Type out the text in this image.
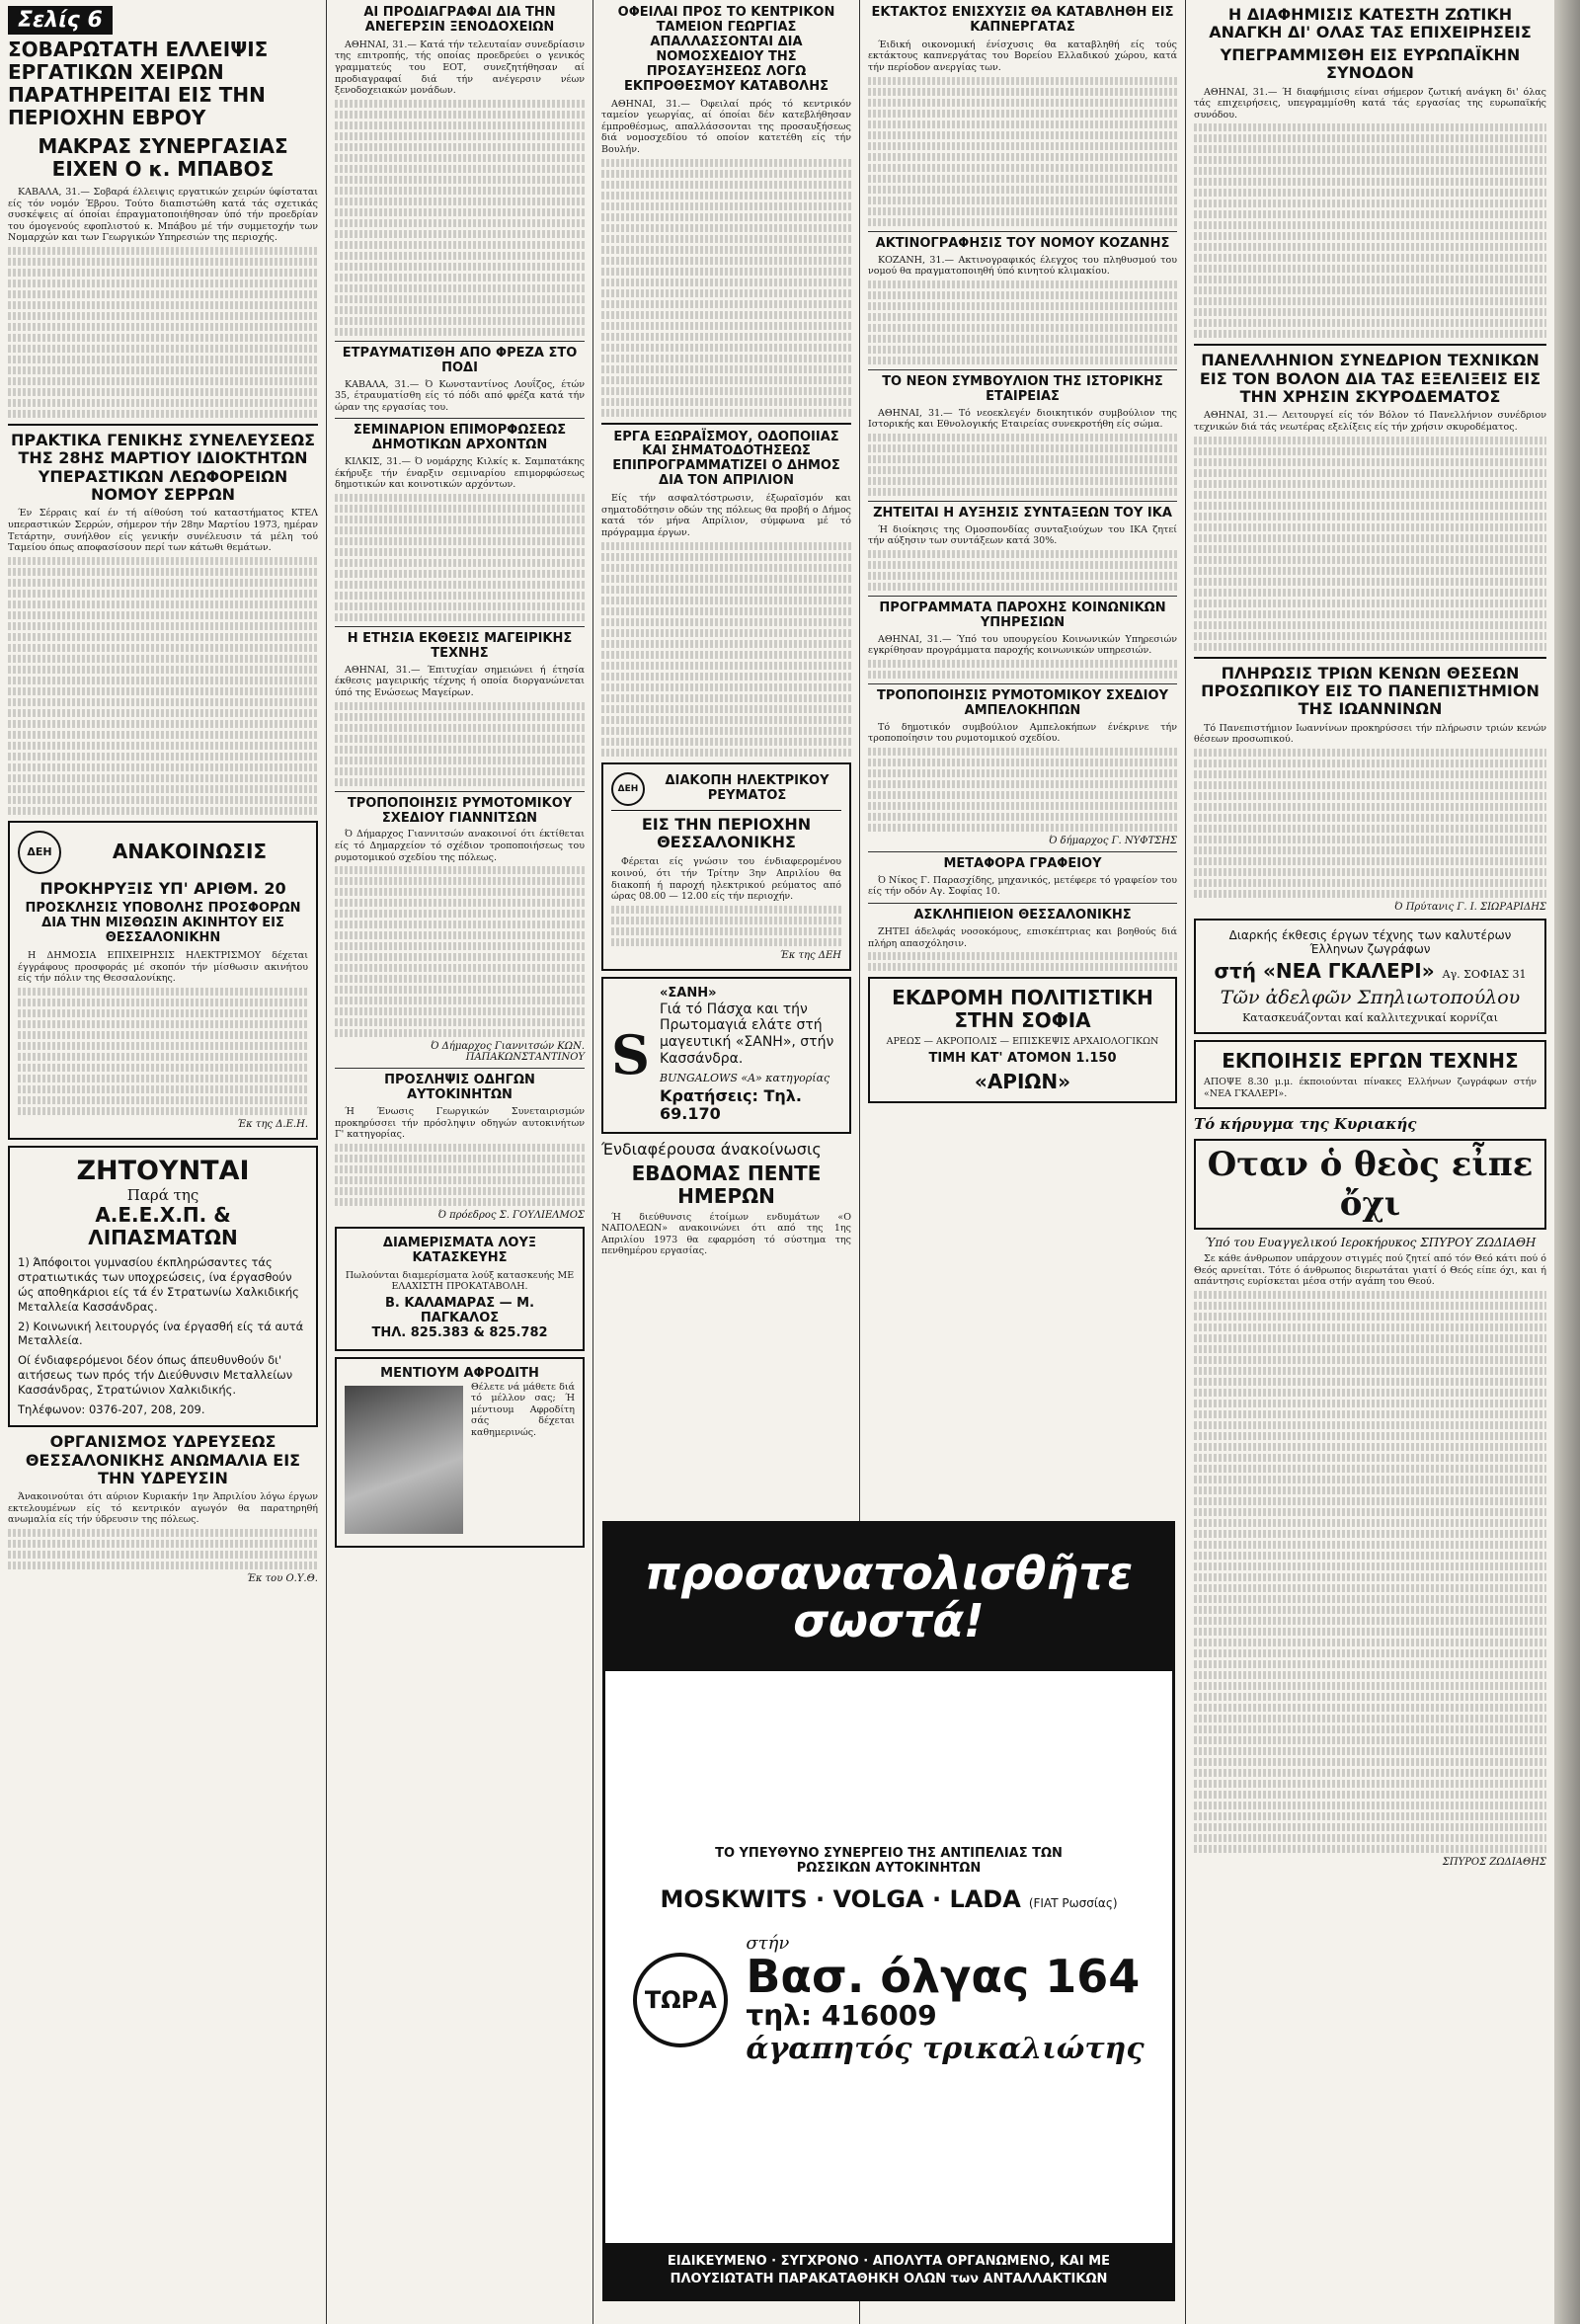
Σελίς 6
ΣΟΒΑΡΩΤΑΤΗ ΕΛΛΕΙΨΙΣ ΕΡΓΑΤΙΚΩΝ ΧΕΙΡΩΝ ΠΑΡΑΤΗΡΕΙΤΑΙ ΕΙΣ ΤΗΝ ΠΕΡΙΟΧΗΝ ΕΒΡΟΥ
ΜΑΚΡΑΣ ΣΥΝΕΡΓΑΣΙΑΣ ΕΙΧΕΝ Ο κ. ΜΠΑΒΟΣ

ΚΑΒΑΛΑ, 31.— Σοβαρά έλλειψις εργατικών χειρών ύφίσταται είς τόν νομόν Έβρου. Τούτο διαπιστώθη κατά τάς σχετικάς συσκέψεις αί όποίαι έπραγματοποιήθησαν ύπό τήν προεδρίαν του όμογενούς εφοπλιστού κ. Μπάβου μέ τήν συμμετοχήν των Νομαρχών και των Γεωργικών Υπηρεσιών της περιοχής.

ΠΡΑΚΤΙΚΑ ΓΕΝΙΚΗΣ ΣΥΝΕΛΕΥΣΕΩΣ ΤΗΣ 28ΗΣ ΜΑΡΤΙΟΥ ΙΔΙΟΚΤΗΤΩΝ ΥΠΕΡΑΣΤΙΚΩΝ ΛΕΩΦΟΡΕΙΩΝ ΝΟΜΟΥ ΣΕΡΡΩΝ

Έν Σέρραις καί έν τή αίθούση τού καταστήματος ΚΤΕΛ υπεραστικών Σερρών, σήμερον τήν 28ην Μαρτίου 1973, ημέραν Τετάρτην, συνήλθον είς γενικήν συνέλευσιν τά μέλη τού Ταμείου όπως αποφασίσουν περί των κάτωθι θεμάτων.

ΔΕΗ	ΑΝΑΚΟΙΝΩΣΙΣ
ΠΡΟΚΗΡΥΞΙΣ ΥΠ' ΑΡΙΘΜ. 20
ΠΡΟΣΚΛΗΣΙΣ ΥΠΟΒΟΛΗΣ ΠΡΟΣΦΟΡΩΝ ΔΙΑ ΤΗΝ ΜΙΣΘΩΣΙΝ ΑΚΙΝΗΤΟΥ ΕΙΣ ΘΕΣΣΑΛΟΝΙΚΗΝ

Η ΔΗΜΟΣΙΑ ΕΠΙΧΕΙΡΗΣΙΣ ΗΛΕΚΤΡΙΣΜΟΥ δέχεται έγγράφους προσφοράς μέ σκοπόν τήν μίσθωσιν ακινήτου είς τήν πόλιν της Θεσσαλονίκης.

Έκ της Δ.Ε.Η.
ΖΗΤΟΥΝΤΑΙ
Παρά της
Α.Ε.Ε.Χ.Π. & ΛΙΠΑΣΜΑΤΩΝ

1) Άπόφοιτοι γυμνασίου έκπληρώσαντες τάς στρατιωτικάς των υποχρεώσεις, ίνα έργασθούν ώς αποθηκάριοι είς τά έν Στρατωνίω Χαλκιδικής Μεταλλεία Κασσάνδρας.

2) Κοινωνική λειτουργός ίνα έργασθή είς τά αυτά Μεταλλεία.

Οί ένδιαφερόμενοι δέον όπως άπευθυνθούν δι' αιτήσεως των πρός τήν Διεύθυνσιν Μεταλλείων Κασσάνδρας, Στρατώνιον Χαλκιδικής.

Τηλέφωνον: 0376-207, 208, 209.

ΟΡΓΑΝΙΣΜΟΣ ΥΔΡΕΥΣΕΩΣ ΘΕΣΣΑΛΟΝΙΚΗΣ ΑΝΩΜΑΛΙΑ ΕΙΣ ΤΗΝ ΥΔΡΕΥΣΙΝ

Άνακοινούται ότι αύριον Κυριακήν 1ην Άπριλίου λόγω έργων εκτελουμένων είς τό κεντρικόν αγωγόν θα παρατηρηθή ανωμαλία είς τήν ύδρευσιν της πόλεως.

Έκ του Ο.Υ.Θ.
ΑΙ ΠΡΟΔΙΑΓΡΑΦΑΙ ΔΙΑ ΤΗΝ ΑΝΕΓΕΡΣΙΝ ΞΕΝΟΔΟΧΕΙΩΝ

ΑΘΗΝΑΙ, 31.— Κατά τήν τελευταίαν συνεδρίασιν της επιτροπής, τής οποίας προεδρεύει ο γενικός γραμματεύς του ΕΟΤ, συνεζητήθησαν αί προδιαγραφαί διά τήν ανέγερσιν νέων ξενοδοχειακών μονάδων.

ΕΤΡΑΥΜΑΤΙΣΘΗ ΑΠΟ ΦΡΕΖΑ ΣΤΟ ΠΟΔΙ

ΚΑΒΑΛΑ, 31.— Ό Κωνσταντίνος Λουΐζος, έτών 35, έτραυματίσθη είς τό πόδι από φρέζα κατά τήν ώραν της εργασίας του.

ΣΕΜΙΝΑΡΙΟΝ ΕΠΙΜΟΡΦΩΣΕΩΣ ΔΗΜΟΤΙΚΩΝ ΑΡΧΟΝΤΩΝ

ΚΙΛΚΙΣ, 31.— Ό νομάρχης Κιλκίς κ. Σαμπατάκης έκήρυξε τήν έναρξιν σεμιναρίου επιμορφώσεως δημοτικών και κοινοτικών αρχόντων.

Η ΕΤΗΣΙΑ ΕΚΘΕΣΙΣ ΜΑΓΕΙΡΙΚΗΣ ΤΕΧΝΗΣ

ΑΘΗΝΑΙ, 31.— Έπιτυχίαν σημειώνει ή έτησία έκθεσις μαγειρικής τέχνης ή οποία διοργανώνεται ύπό της Ενώσεως Μαγείρων.

ΤΡΟΠΟΠΟΙΗΣΙΣ ΡΥΜΟΤΟΜΙΚΟΥ ΣΧΕΔΙΟΥ ΓΙΑΝΝΙΤΣΩΝ

Ό Δήμαρχος Γιαννιτσών ανακοινοί ότι έκτίθεται είς τό Δημαρχείον τό σχέδιον τροποποιήσεως του ρυμοτομικού σχεδίου της πόλεως.

Ό Δήμαρχος Γιαννιτσών ΚΩΝ. ΠΑΠΑΚΩΝΣΤΑΝΤΙΝΟΥ
ΠΡΟΣΛΗΨΙΣ ΟΔΗΓΩΝ ΑΥΤΟΚΙΝΗΤΩΝ

Ή Ένωσις Γεωργικών Συνεταιρισμών προκηρύσσει τήν πρόσληψιν οδηγών αυτοκινήτων Γ' κατηγορίας.

Ό πρόεδρος Σ. ΓΟΥΛΙΕΛΜΟΣ
ΔΙΑΜΕΡΙΣΜΑΤΑ ΛΟΥΞ ΚΑΤΑΣΚΕΥΗΣ
Πωλούνται διαμερίσματα λούξ κατασκευής ΜΕ ΕΛΑΧΙΣΤΗ ΠΡΟΚΑΤΑΒΟΛΗ.
Β. ΚΑΛΑΜΑΡΑΣ — Μ. ΠΑΓΚΑΛΟΣ
ΤΗΛ. 825.383 & 825.782
ΜΕΝΤΙΟΥΜ ΑΦΡΟΔΙΤΗ
Θέλετε νά μάθετε διά τό μέλλον σας; Ή μέντιουμ Αφροδίτη σάς δέχεται καθημερινώς.
ΟΦΕΙΛΑΙ ΠΡΟΣ ΤΟ ΚΕΝΤΡΙΚΟΝ ΤΑΜΕΙΟΝ ΓΕΩΡΓΙΑΣ ΑΠΑΛΛΑΣΣΟΝΤΑΙ ΔΙΑ ΝΟΜΟΣΧΕΔΙΟΥ ΤΗΣ ΠΡΟΣΑΥΞΗΣΕΩΣ ΛΟΓΩ ΕΚΠΡΟΘΕΣΜΟΥ ΚΑΤΑΒΟΛΗΣ

ΑΘΗΝΑΙ, 31.— Όφειλαί πρός τό κεντρικόν ταμείον γεωργίας, αί όποίαι δέν κατεβλήθησαν έμπροθέσμως, απαλλάσσονται της προσαυξήσεως διά νομοσχεδίου τό οποίον κατετέθη είς τήν Βουλήν.

ΕΡΓΑ ΕΞΩΡΑΪΣΜΟΥ, ΟΔΟΠΟΙΙΑΣ ΚΑΙ ΣΗΜΑΤΟΔΟΤΗΣΕΩΣ ΕΠΙΠΡΟΓΡΑΜΜΑΤΙΖΕΙ Ο ΔΗΜΟΣ ΔΙΑ ΤΟΝ ΑΠΡΙΛΙΟΝ

Είς τήν ασφαλτόστρωσιν, έξωραϊσμόν και σηματοδότησιν οδών της πόλεως θα προβή ο Δήμος κατά τόν μήνα Απρίλιον, σύμφωνα μέ τό πρόγραμμα έργων.

ΔΕΗ
ΔΙΑΚΟΠΗ ΗΛΕΚΤΡΙΚΟΥ ΡΕΥΜΑΤΟΣ
ΕΙΣ ΤΗΝ ΠΕΡΙΟΧΗΝ ΘΕΣΣΑΛΟΝΙΚΗΣ

Φέρεται είς γνώσιν του ένδιαφερομένου κοινού, ότι τήν Τρίτην 3ην Απριλίου θα διακοπή ή παροχή ηλεκτρικού ρεύματος από ώρας 08.00 — 12.00 είς τήν περιοχήν.

Έκ της ΔΕΗ
S
«ΣΑΝΗ»
Γιά τό Πάσχα και τήν Πρωτομαγιά ελάτε στή μαγευτική «ΣΑΝΗ», στήν Κασσάνδρα.
BUNGALOWS «A» κατηγορίας
Κρατήσεις: Τηλ. 69.170
Ένδιαφέρουσα άνακοίνωσις
ΕΒΔΟΜΑΣ ΠΕΝΤΕ ΗΜΕΡΩΝ

Ή διεύθυνσις έτοίμων ενδυμάτων «Ο ΝΑΠΟΛΕΩΝ» ανακοινώνει ότι από της 1ης Απριλίου 1973 θα εφαρμόση τό σύστημα της πενθημέρου εργασίας.

ΕΚΤΑΚΤΟΣ ΕΝΙΣΧΥΣΙΣ ΘΑ ΚΑΤΑΒΛΗΘΗ ΕΙΣ ΚΑΠΝΕΡΓΑΤΑΣ

Έιδική οικονομική ένίσχυσις θα καταβληθή είς τούς εκτάκτους καπνεργάτας του Βορείου Ελλαδικού χώρου, κατά τήν περίοδον ανεργίας των.

ΑΚΤΙΝΟΓΡΑΦΗΣΙΣ ΤΟΥ ΝΟΜΟΥ ΚΟΖΑΝΗΣ

ΚΟΖΑΝΗ, 31.— Ακτινογραφικός έλεγχος του πληθυσμού του νομού θα πραγματοποιηθή ύπό κινητού κλιμακίου.

ΤΟ ΝΕΟΝ ΣΥΜΒΟΥΛΙΟΝ ΤΗΣ ΙΣΤΟΡΙΚΗΣ ΕΤΑΙΡΕΙΑΣ

ΑΘΗΝΑΙ, 31.— Τό νεοεκλεγέν διοικητικόν συμβούλιον της Ιστορικής και Εθνολογικής Εταιρείας συνεκροτήθη είς σώμα.

ΖΗΤΕΙΤΑΙ Η ΑΥΞΗΣΙΣ ΣΥΝΤΑΞΕΩΝ ΤΟΥ ΙΚΑ

Ή διοίκησις της Ομοσπονδίας συνταξιούχων του ΙΚΑ ζητεί τήν αύξησιν των συντάξεων κατά 30%.

ΠΡΟΓΡΑΜΜΑΤΑ ΠΑΡΟΧΗΣ ΚΟΙΝΩΝΙΚΩΝ ΥΠΗΡΕΣΙΩΝ

ΑΘΗΝΑΙ, 31.— Ύπό του υπουργείου Κοινωνικών Υπηρεσιών εγκρίθησαν προγράμματα παροχής κοινωνικών υπηρεσιών.

ΤΡΟΠΟΠΟΙΗΣΙΣ ΡΥΜΟΤΟΜΙΚΟΥ ΣΧΕΔΙΟΥ ΑΜΠΕΛΟΚΗΠΩΝ

Τό δημοτικόν συμβούλιον Αμπελοκήπων ένέκρινε τήν τροποποίησιν του ρυμοτομικού σχεδίου.

Ό δήμαρχος Γ. ΝΥΦΤΣΗΣ
ΜΕΤΑΦΟΡΑ ΓΡΑΦΕΙΟΥ

Ό Νίκος Γ. Παρασχίδης, μηχανικός, μετέφερε τό γραφείον του είς τήν οδόν Αγ. Σοφίας 10.

ΑΣΚΛΗΠΙΕΙΟΝ ΘΕΣΣΑΛΟΝΙΚΗΣ

ΖΗΤΕΙ άδελφάς νοσοκόμους, επισκέπτριας και βοηθούς διά πλήρη απασχόλησιν.

ΕΚΔΡΟΜΗ ΠΟΛΙΤΙΣΤΙΚΗ ΣΤΗΝ ΣΟΦΙΑ
ΑΡΕΩΣ — ΑΚΡΟΠΟΛΙΣ — ΕΠΙΣΚΕΨΙΣ ΑΡΧΑΙΟΛΟΓΙΚΩΝ
ΤΙΜΗ ΚΑΤ' ΑΤΟΜΟΝ 1.150
«ΑΡΙΩΝ»
Η ΔΙΑΦΗΜΙΣΙΣ ΚΑΤΕΣΤΗ ΖΩΤΙΚΗ ΑΝΑΓΚΗ ΔΙ' ΟΛΑΣ ΤΑΣ ΕΠΙΧΕΙΡΗΣΕΙΣ
ΥΠΕΓΡΑΜΜΙΣΘΗ ΕΙΣ ΕΥΡΩΠΑΪΚΗΝ ΣΥΝΟΔΟΝ

ΑΘΗΝΑΙ, 31.— Ή διαφήμισις είναι σήμερον ζωτική ανάγκη δι' όλας τάς επιχειρήσεις, υπεγραμμίσθη κατά τάς εργασίας της ευρωπαϊκής συνόδου.

ΠΑΝΕΛΛΗΝΙΟΝ ΣΥΝΕΔΡΙΟΝ ΤΕΧΝΙΚΩΝ ΕΙΣ ΤΟΝ ΒΟΛΟΝ ΔΙΑ ΤΑΣ ΕΞΕΛΙΞΕΙΣ ΕΙΣ ΤΗΝ ΧΡΗΣΙΝ ΣΚΥΡΟΔΕΜΑΤΟΣ

ΑΘΗΝΑΙ, 31.— Λειτουργεί είς τόν Βόλον τό Πανελλήνιον συνέδριον τεχνικών διά τάς νεωτέρας εξελίξεις είς τήν χρήσιν σκυροδέματος.

ΠΛΗΡΩΣΙΣ ΤΡΙΩΝ ΚΕΝΩΝ ΘΕΣΕΩΝ ΠΡΟΣΩΠΙΚΟΥ ΕΙΣ ΤΟ ΠΑΝΕΠΙΣΤΗΜΙΟΝ ΤΗΣ ΙΩΑΝΝΙΝΩΝ

Τό Πανεπιστήμιον Ιωαννίνων προκηρύσσει τήν πλήρωσιν τριών κενών θέσεων προσωπικού.

Ό Πρύτανις Γ. Ι. ΣΙΩΡΑΡΙΔΗΣ
Διαρκής έκθεσις έργων τέχνης των καλυτέρων Έλληνων ζωγράφων
στή «ΝΕΑ ΓΚΑΛΕΡΙ» Αγ. ΣΟΦΙΑΣ 31
Τῶν ἀδελφῶν Σπηλιωτοπούλου
Κατασκευάζονται καί καλλιτεχνικαί κορνίζαι
ΕΚΠΟΙΗΣΙΣ ΕΡΓΩΝ ΤΕΧΝΗΣ
ΑΠΟΨΕ 8.30 μ.μ. έκποιούνται πίνακες Ελλήνων ζωγράφων στήν «ΝΕΑ ΓΚΑΛΕΡΙ».
Τό κήρυγμα της Κυριακής
Οταν ὁ θεὸς εἶπε ὄχι
Ύπό του Ευαγγελικού Ιεροκήρυκος ΣΠΥΡΟΥ ΖΩΔΙΑΘΗ

Σε κάθε άνθρωπον υπάρχουν στιγμές πού ζητεί από τόν Θεό κάτι πού ό Θεός αρνείται. Τότε ό άνθρωπος διερωτάται γιατί ό Θεός είπε όχι, και ή απάντησις ευρίσκεται μέσα στήν αγάπη του Θεού.

ΣΠΥΡΟΣ ΖΩΔΙΑΘΗΣ
προσανατολισθῆτε σωστά!
ΤΟ ΥΠΕΥΘΥΝΟ ΣΥΝΕΡΓΕΙΟ ΤΗΣ ΑΝΤΙΠΕΛΙΑΣ ΤΩΝ ΡΩΣΣΙΚΩΝ ΑΥΤΟΚΙΝΗΤΩΝ
MOSKWITS · VOLGA · LADA (FIAT Ρωσσίας)
ΤΩΡΑ
στήν
Βασ. όλγας 164
τηλ: 416009
άγαπητός τρικαλιώτης
ΕΙΔΙΚΕΥΜΕΝΟ · ΣΥΓΧΡΟΝΟ · ΑΠΟΛΥΤΑ ΟΡΓΑΝΩΜΕΝΟ, ΚΑΙ ΜΕ
ΠΛΟΥΣΙΩΤΑΤΗ ΠΑΡΑΚΑΤΑΘΗΚΗ ΟΛΩΝ των ΑΝΤΑΛΛΑΚΤΙΚΩΝ
